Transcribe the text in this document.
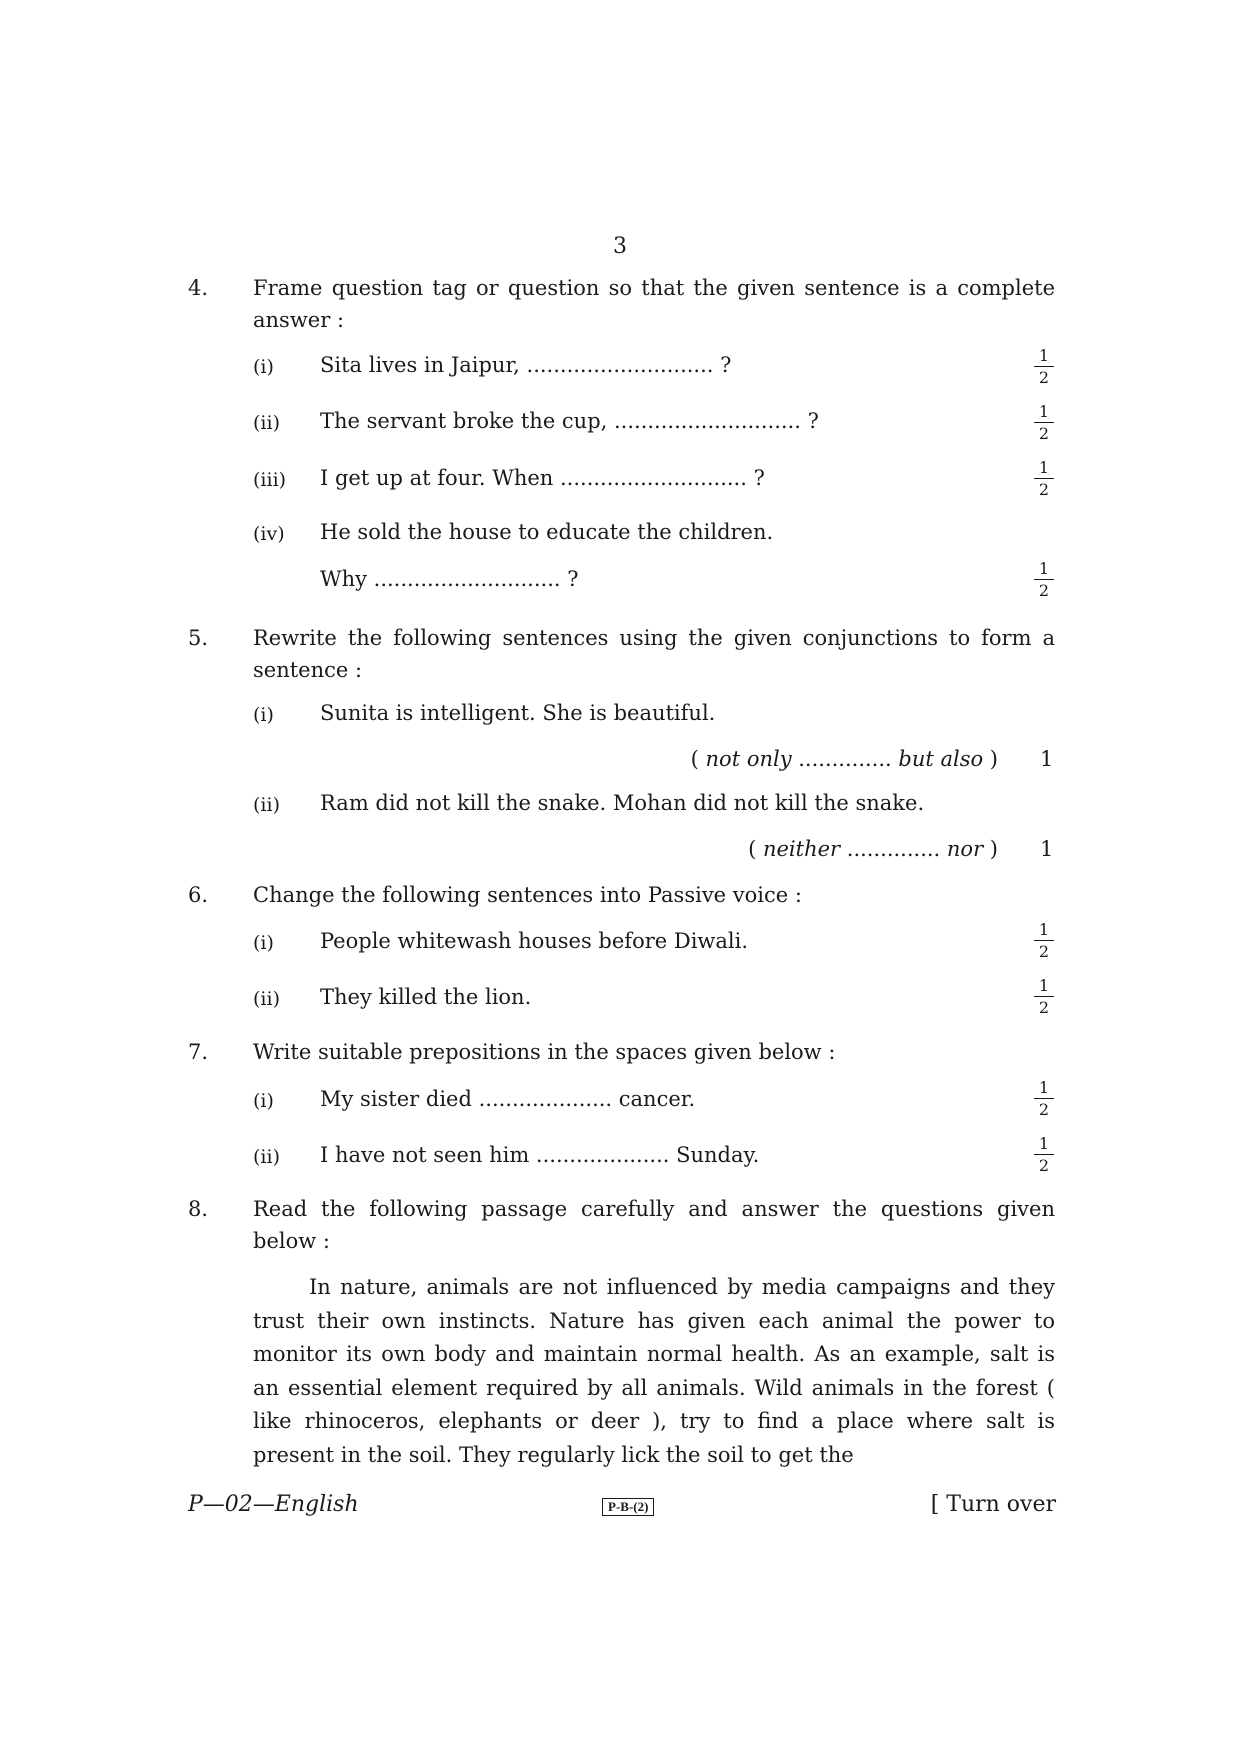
3
4. Frame question tag or question so that the given sentence is a complete answer :
(i) Sita lives in Jaipur, ............................ ?	1
2
(ii) The servant broke the cup, ............................ ?	1
2
(iii) I get up at four. When ............................ ?	1
2
(iv) He sold the house to educate the children.
Why ............................ ?	1
2
5. Rewrite the following sentences using the given conjunctions to form a sentence :
(i) Sunita is intelligent. She is beautiful.
( not only .............. but also ) 1
(ii) Ram did not kill the snake. Mohan did not kill the snake.
( neither .............. nor ) 1
6. Change the following sentences into Passive voice :
(i) People whitewash houses before Diwali.	1
2
(ii) They killed the lion.	1
2
7. Write suitable prepositions in the spaces given below :
(i) My sister died .................... cancer.	1
2
(ii) I have not seen him .................... Sunday.	1
2
8. Read the following passage carefully and answer the questions given below :
In nature, animals are not influenced by media campaigns and they trust their own instincts. Nature has given each animal the power to monitor its own body and maintain normal health. As an example, salt is an essential element required by all animals. Wild animals in the forest ( like rhinoceros, elephants or deer ), try to find a place where salt is present in the soil. They regularly lick the soil to get the
P—02—English	P-B-(2)	[ Turn over
